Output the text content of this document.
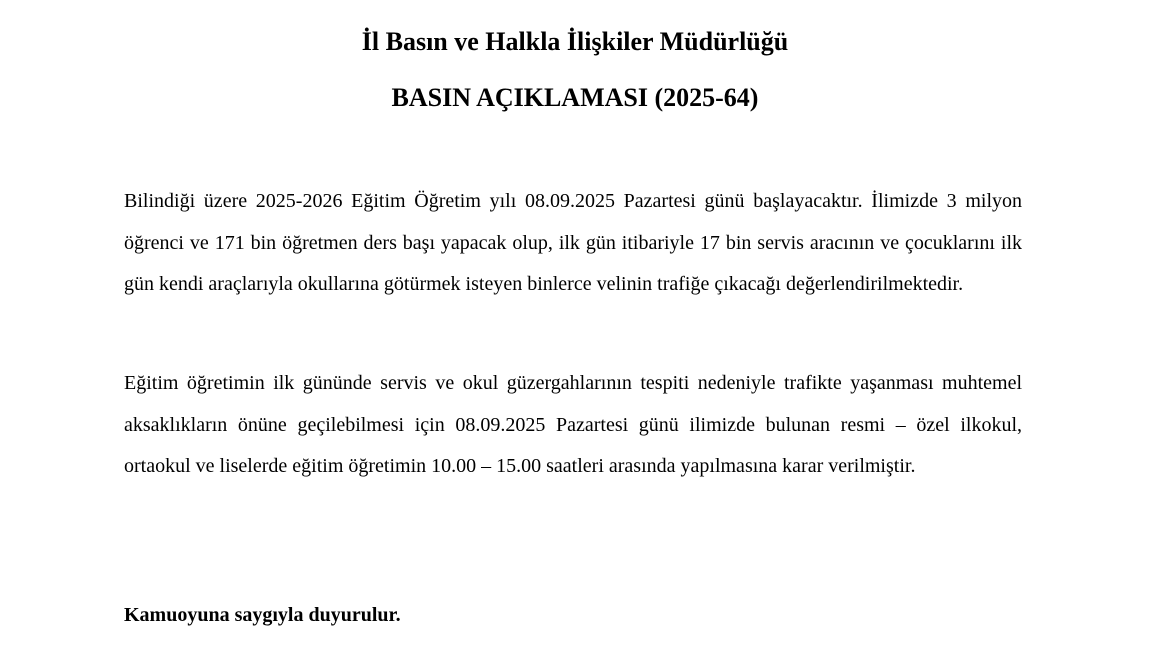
İl Basın ve Halkla İlişkiler Müdürlüğü
BASIN AÇIKLAMASI (2025-64)

Bilindiği üzere 2025-2026 Eğitim Öğretim yılı 08.09.2025 Pazartesi günü başlayacaktır. İlimizde 3 milyon öğrenci ve 171 bin öğretmen ders başı yapacak olup, ilk gün itibariyle 17 bin servis aracının ve çocuklarını ilk gün kendi araçlarıyla okullarına götürmek isteyen binlerce velinin trafiğe çıkacağı değerlendirilmektedir.

Eğitim öğretimin ilk gününde servis ve okul güzergahlarının tespiti nedeniyle trafikte yaşanması muhtemel aksaklıkların önüne geçilebilmesi için 08.09.2025 Pazartesi günü ilimizde bulunan resmi – özel ilkokul, ortaokul ve liselerde eğitim öğretimin 10.00 – 15.00 saatleri arasında yapılmasına karar verilmiştir.

Kamuoyuna saygıyla duyurulur.
